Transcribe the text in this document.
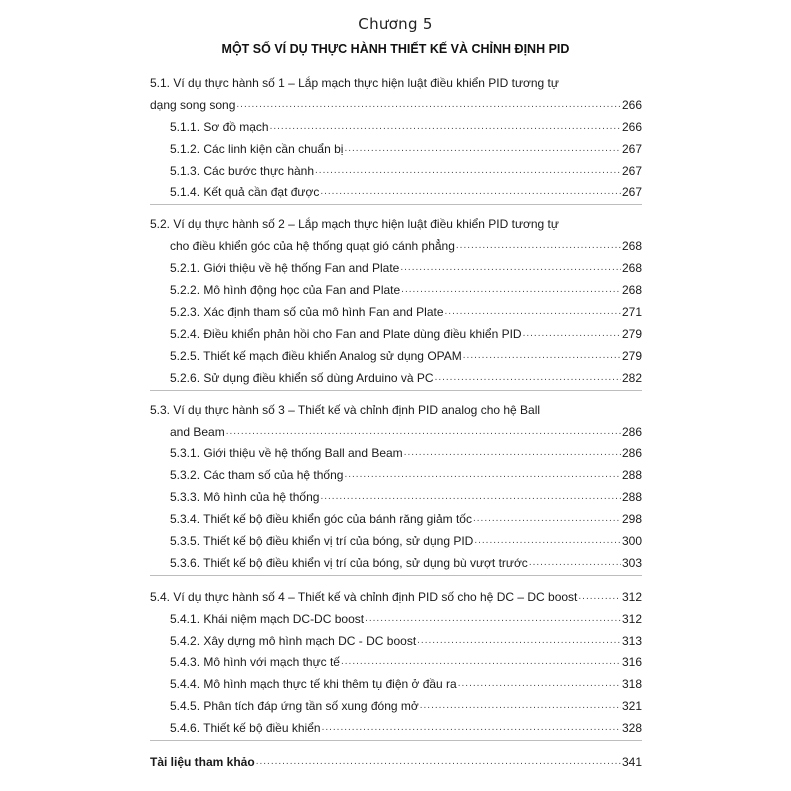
Chương 5
MỘT SỐ VÍ DỤ THỰC HÀNH THIẾT KẾ VÀ CHỈNH ĐỊNH PID
5.1. Ví dụ thực hành số 1 – Lắp mạch thực hiện luật điều khiển PID tương tự
dạng song song .....	266
5.1.1. Sơ đồ mạch .....	266
5.1.2. Các linh kiện cần chuẩn bị .....	267
5.1.3. Các bước thực hành .....	267
5.1.4. Kết quả cần đạt được .....	267
5.2. Ví dụ thực hành số 2 – Lắp mạch thực hiện luật điều khiển PID tương tự
cho điều khiển góc của hệ thống quạt gió cánh phẳng .....	268
5.2.1. Giới thiệu về hệ thống Fan and Plate .....	268
5.2.2. Mô hình động học của Fan and Plate .....	268
5.2.3. Xác định tham số của mô hình Fan and Plate .....	271
5.2.4. Điều khiển phản hồi cho Fan and Plate dùng điều khiển PID .....	279
5.2.5. Thiết kế mạch điều khiển Analog sử dụng OPAM .....	279
5.2.6. Sử dụng điều khiển số dùng Arduino và PC .....	282
5.3. Ví dụ thực hành số 3 – Thiết kế và chỉnh định PID analog cho hệ Ball
and Beam .....	286
5.3.1. Giới thiệu về hệ thống Ball and Beam .....	286
5.3.2. Các tham số của hệ thống .....	288
5.3.3. Mô hình của hệ thống .....	288
5.3.4. Thiết kế bộ điều khiển góc của bánh răng giảm tốc .....	298
5.3.5. Thiết kế bộ điều khiển vị trí của bóng, sử dụng PID .....	300
5.3.6. Thiết kế bộ điều khiển vị trí của bóng, sử dụng bù vượt trước .....	303
5.4. Ví dụ thực hành số 4 – Thiết kế và chỉnh định PID số cho hệ DC – DC boost .....	312
5.4.1. Khái niệm mạch DC-DC boost .....	312
5.4.2. Xây dựng mô hình mạch DC - DC boost .....	313
5.4.3. Mô hình với mạch thực tế .....	316
5.4.4. Mô hình mạch thực tế khi thêm tụ điện ở đầu ra .....	318
5.4.5. Phân tích đáp ứng tần số xung đóng mở .....	321
5.4.6. Thiết kế bộ điều khiển .....	328
Tài liệu tham khảo .....	341
